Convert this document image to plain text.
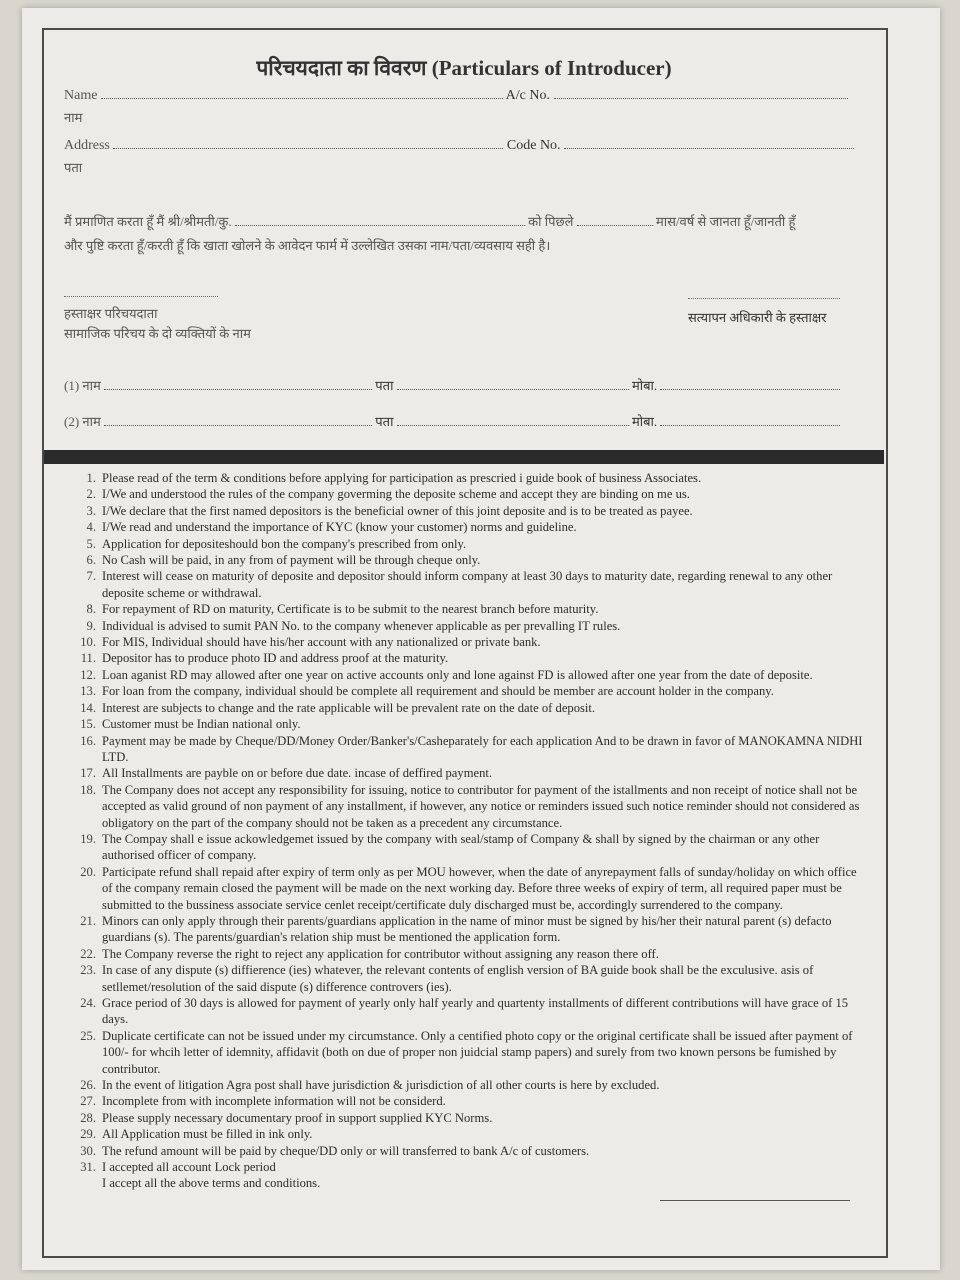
परिचयदाता का विवरण (Particulars of Introducer)
Name	A/c No.
नाम
Address	Code No.
पता
मैं प्रमाणित करता हूँ मैं श्री/श्रीमती/कु.	को पिछले	मास/वर्ष से जानता हूँ/जानती हूँ
और पुष्टि करता हूँ/करती हूँ कि खाता खोलने के आवेदन फार्म में उल्लेखित उसका नाम/पता/व्यवसाय सही है।
हस्ताक्षर परिचयदाता	सत्यापन अधिकारी के हस्ताक्षर
सामाजिक परिचय के दो व्यक्तियों के नाम
(1) नाम	पता	मोबा.
(2) नाम	पता	मोबा.
1. Please read of the term & conditions before applying for participation as prescried i guide book of business Associates.
2. I/We and understood the rules of the company goverming the deposite scheme and accept they are binding on me us.
3. I/We declare that the first named depositors is the beneficial owner of this joint deposite and is to be treated as payee.
4. I/We read and understand the importance of KYC (know your customer) norms and guideline.
5. Application for depositeshould bon the company's prescribed from only.
6. No Cash will be paid, in any from of payment will be through cheque only.
7. Interest will cease on maturity of deposite and depositor should inform company at least 30 days to maturity date, regarding renewal to any other deposite scheme or withdrawal.
8. For repayment of RD on maturity, Certificate is to be submit to the nearest branch before maturity.
9. Individual is advised to sumit PAN No. to the company whenever applicable as per prevalling IT rules.
10. For MIS, Individual should have his/her account with any nationalized or private bank.
11. Depositor has to produce photo ID and address proof at the maturity.
12. Loan aganist RD may allowed after one year on active accounts only and lone against FD is allowed after one year from the date of deposite.
13. For loan from the company, individual should be complete all requirement and should be member are account holder in the company.
14. Interest are subjects to change and the rate applicable will be prevalent rate on the date of deposit.
15. Customer must be Indian national only.
16. Payment may be made by Cheque/DD/Money Order/Banker's/Casheparately for each application And to be drawn in favor of MANOKAMNA NIDHI LTD.
17. All Installments are payble on or before due date. incase of deffired payment.
18. The Company does not accept any responsibility for issuing, notice to contributor for payment of the istallments and non receipt of notice shall not be accepted as valid ground of non payment of any installment, if however, any notice or reminders issued such notice reminder should not considered as obligatory on the part of the company should not be taken as a precedent any circumstance.
19. The Compay shall e issue ackowledgemet issued by the company with seal/stamp of Company & shall by signed by the chairman or any other authorised officer of company.
20. Participate refund shall repaid after expiry of term only as per MOU however, when the date of anyrepayment falls of sunday/holiday on which office of the company remain closed the payment will be made on the next working day. Before three weeks of expiry of term, all required paper must be submitted to the bussiness associate service cenlet receipt/certificate duly discharged must be, accordingly surrendered to the company.
21. Minors can only apply through their parents/guardians application in the name of minor must be signed by his/her their natural parent (s) defacto guardians (s). The parents/guardian's relation ship must be mentioned the application form.
22. The Company reverse the right to reject any application for contributor without assigning any reason there off.
23. In case of any dispute (s) diffierence (ies) whatever, the relevant contents of english version of BA guide book shall be the exculusive. asis of setllemet/resolution of the said dispute (s) difference controvers (ies).
24. Grace period of 30 days is allowed for payment of yearly only half yearly and quartenty installments of different contributions will have grace of 15 days.
25. Duplicate certificate can not be issued under my circumstance. Only a centified photo copy or the original certificate shall be issued after payment of 100/- for whcih letter of idemnity, affidavit (both on due of proper non juidcial stamp papers) and surely from two known persons be fumished by contributor.
26. In the event of litigation Agra post shall have jurisdiction & jurisdiction of all other courts is here by excluded.
27. Incomplete from with incomplete information will not be considerd.
28. Please supply necessary documentary proof in support supplied KYC Norms.
29. All Application must be filled in ink only.
30. The refund amount will be paid by cheque/DD only or will transferred to bank A/c of customers.
31. I accepted all account Lock period
I accept all the above terms and conditions.
